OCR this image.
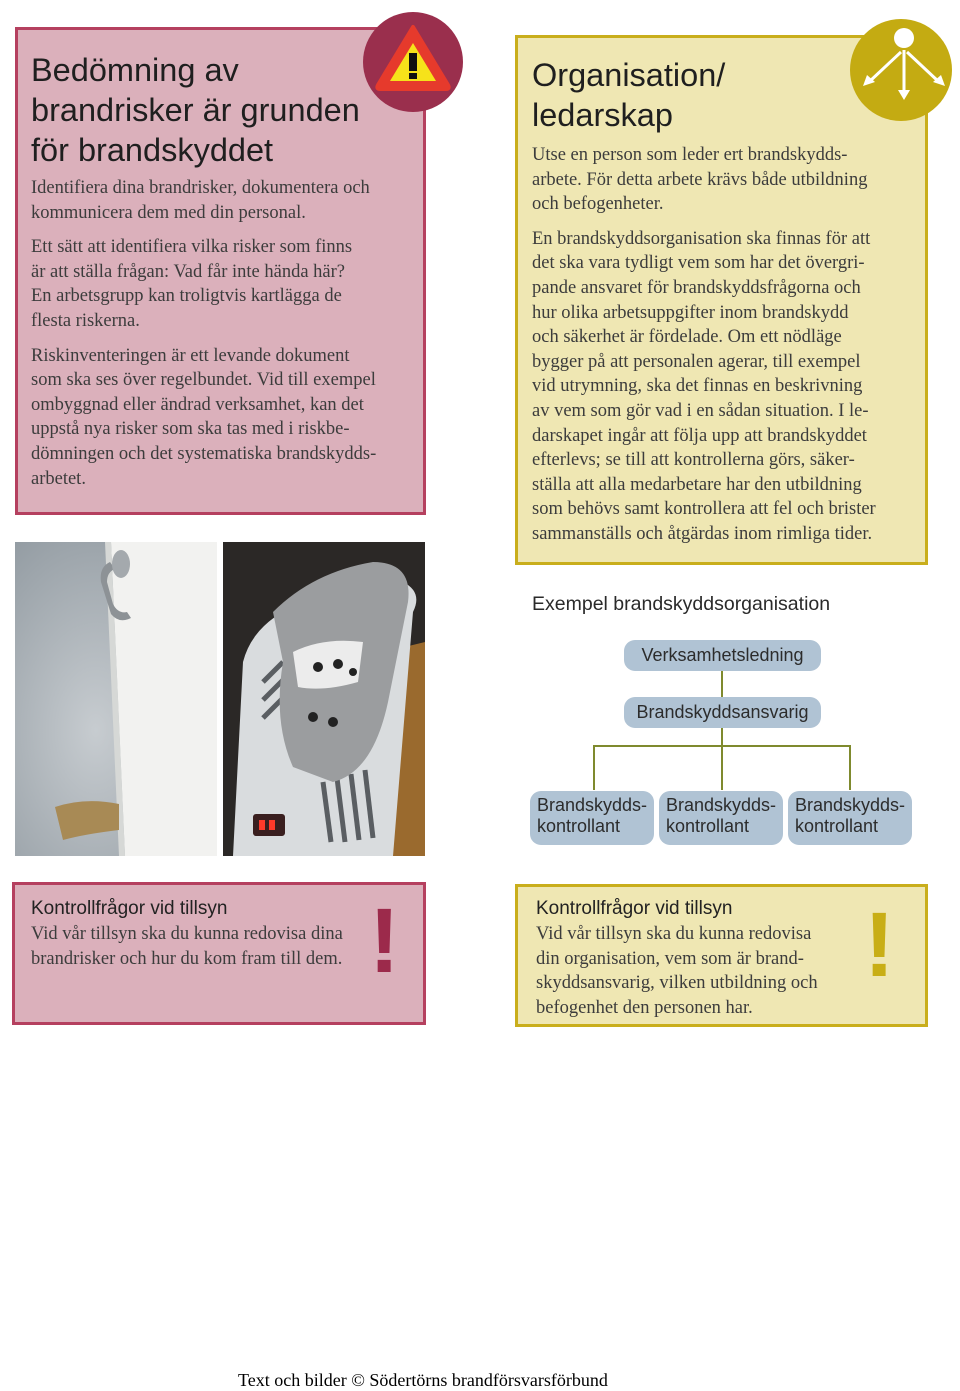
Bedömning av brandrisker är grunden för brandskyddet

Identifiera dina brandrisker, dokumentera och
kommunicera dem med din personal.

Ett sätt att identifiera vilka risker som finns
är att ställa frågan: Vad får inte hända här?
En arbetsgrupp kan troligtvis kartlägga de
flesta riskerna.

Riskinventeringen är ett levande dokument
som ska ses över regelbundet. Vid till exempel
ombyggnad eller ändrad verksamhet, kan det
uppstå nya risker som ska tas med i riskbe-
dömningen och det systematiska brandskydds-
arbetet.

Organisation/ ledarskap

Utse en person som leder ert brandskydds-
arbete. För detta arbete krävs både utbildning
och befogenheter.

En brandskyddsorganisation ska finnas för att
det ska vara tydligt vem som har det övergri-
pande ansvaret för brandskyddsfrågorna och
hur olika arbetsuppgifter inom brandskydd
och säkerhet är fördelade. Om ett nödläge
bygger på att personalen agerar, till exempel
vid utrymning, ska det finnas en beskrivning
av vem som gör vad i en sådan situation. I le-
darskapet ingår att följa upp att brandskyddet
efterlevs; se till att kontrollerna görs, säker-
ställa att alla medarbetare har den utbildning
som behövs samt kontrollera att fel och brister
sammanställs och åtgärdas inom rimliga tider.

Exempel brandskyddsorganisation
Verksamhetsledning
Brandskyddsansvarig
Brandskydds-
kontrollant
Brandskydds-
kontrollant
Brandskydds-
kontrollant
Kontrollfrågor vid tillsyn
Vid vår tillsyn ska du kunna redovisa dina
brandrisker och hur du kom fram till dem. !	Kontrollfrågor vid tillsyn
Vid vår tillsyn ska du kunna redovisa
din organisation, vem som är brand-
skyddsansvarig, vilken utbildning och
befogenhet den personen har.
!
Text och bilder © Södertörns brandförsvarsförbund
